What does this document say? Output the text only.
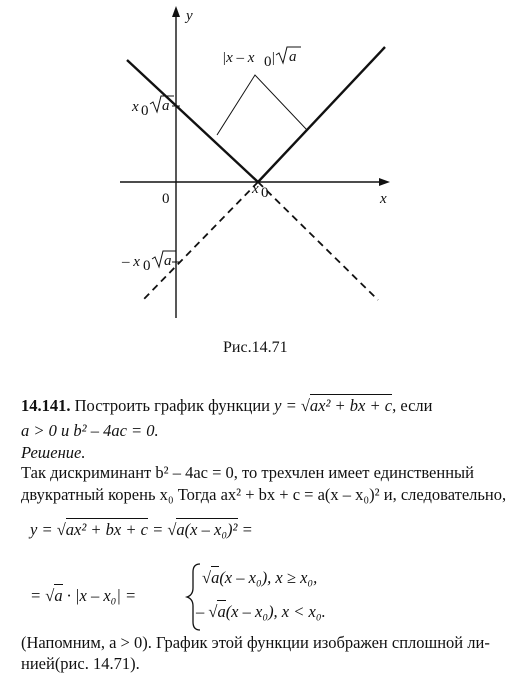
y
x
0
x 0
x 0 a
– x 0 a
|x – x 0 | a
Рис.14.71
14.141. Построить график функции y = √ax² + bx + c, если
a > 0 и b² – 4ac = 0.
Решение.
Так дискриминант b² – 4ac = 0, то трехчлен имеет единственный
двукратный корень x₀ Тогда ax² + bx + c = a(x – x₀)² и, следовательно,
y = √ax² + bx + c = √a(x – x₀)² =
= √a · |x – x₀| =
√a(x – x₀), x ≥ x₀,
– √a(x – x₀), x < x₀.
(Напомним, a > 0). График этой функции изображен сплошной ли-
нией(рис. 14.71).
